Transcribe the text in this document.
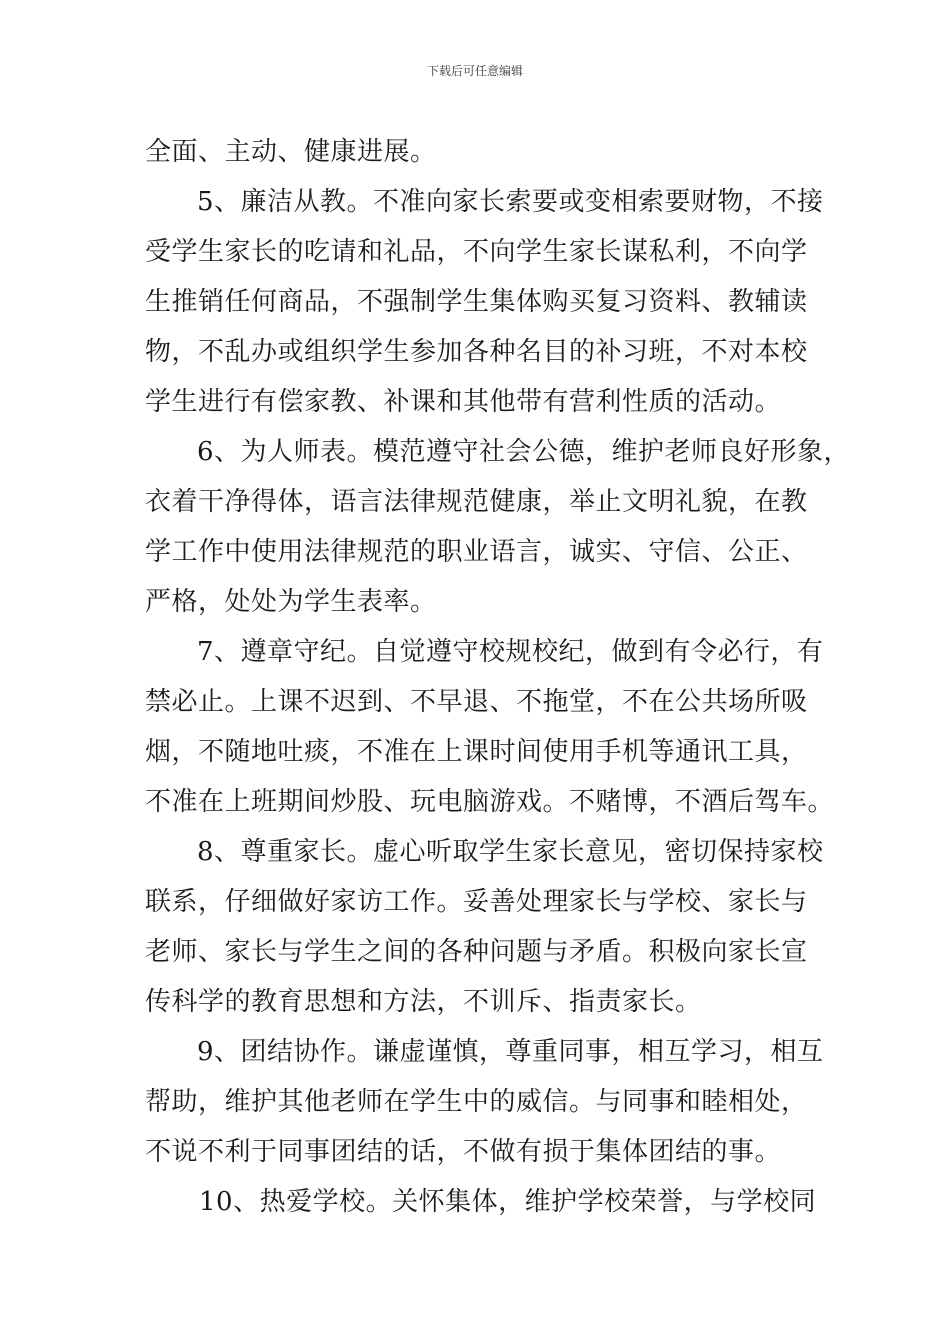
下载后可任意编辑
全面、主动、健康进展。
5、廉洁从教。不准向家长索要或变相索要财物，不接
受学生家长的吃请和礼品，不向学生家长谋私利，不向学
生推销任何商品，不强制学生集体购买复习资料、教辅读
物，不乱办或组织学生参加各种名目的补习班，不对本校
学生进行有偿家教、补课和其他带有营利性质的活动。
6、为人师表。模范遵守社会公德，维护老师良好形象，
衣着干净得体，语言法律规范健康，举止文明礼貌，在教
学工作中使用法律规范的职业语言，诚实、守信、公正、
严格，处处为学生表率。
7、遵章守纪。自觉遵守校规校纪，做到有令必行，有
禁必止。上课不迟到、不早退、不拖堂，不在公共场所吸
烟，不随地吐痰，不准在上课时间使用手机等通讯工具，
不准在上班期间炒股、玩电脑游戏。不赌博，不酒后驾车。
8、尊重家长。虚心听取学生家长意见，密切保持家校
联系，仔细做好家访工作。妥善处理家长与学校、家长与
老师、家长与学生之间的各种问题与矛盾。积极向家长宣
传科学的教育思想和方法，不训斥、指责家长。
9、团结协作。谦虚谨慎，尊重同事，相互学习，相互
帮助，维护其他老师在学生中的威信。与同事和睦相处，
不说不利于同事团结的话，不做有损于集体团结的事。
10、热爱学校。关怀集体，维护学校荣誉，与学校同
